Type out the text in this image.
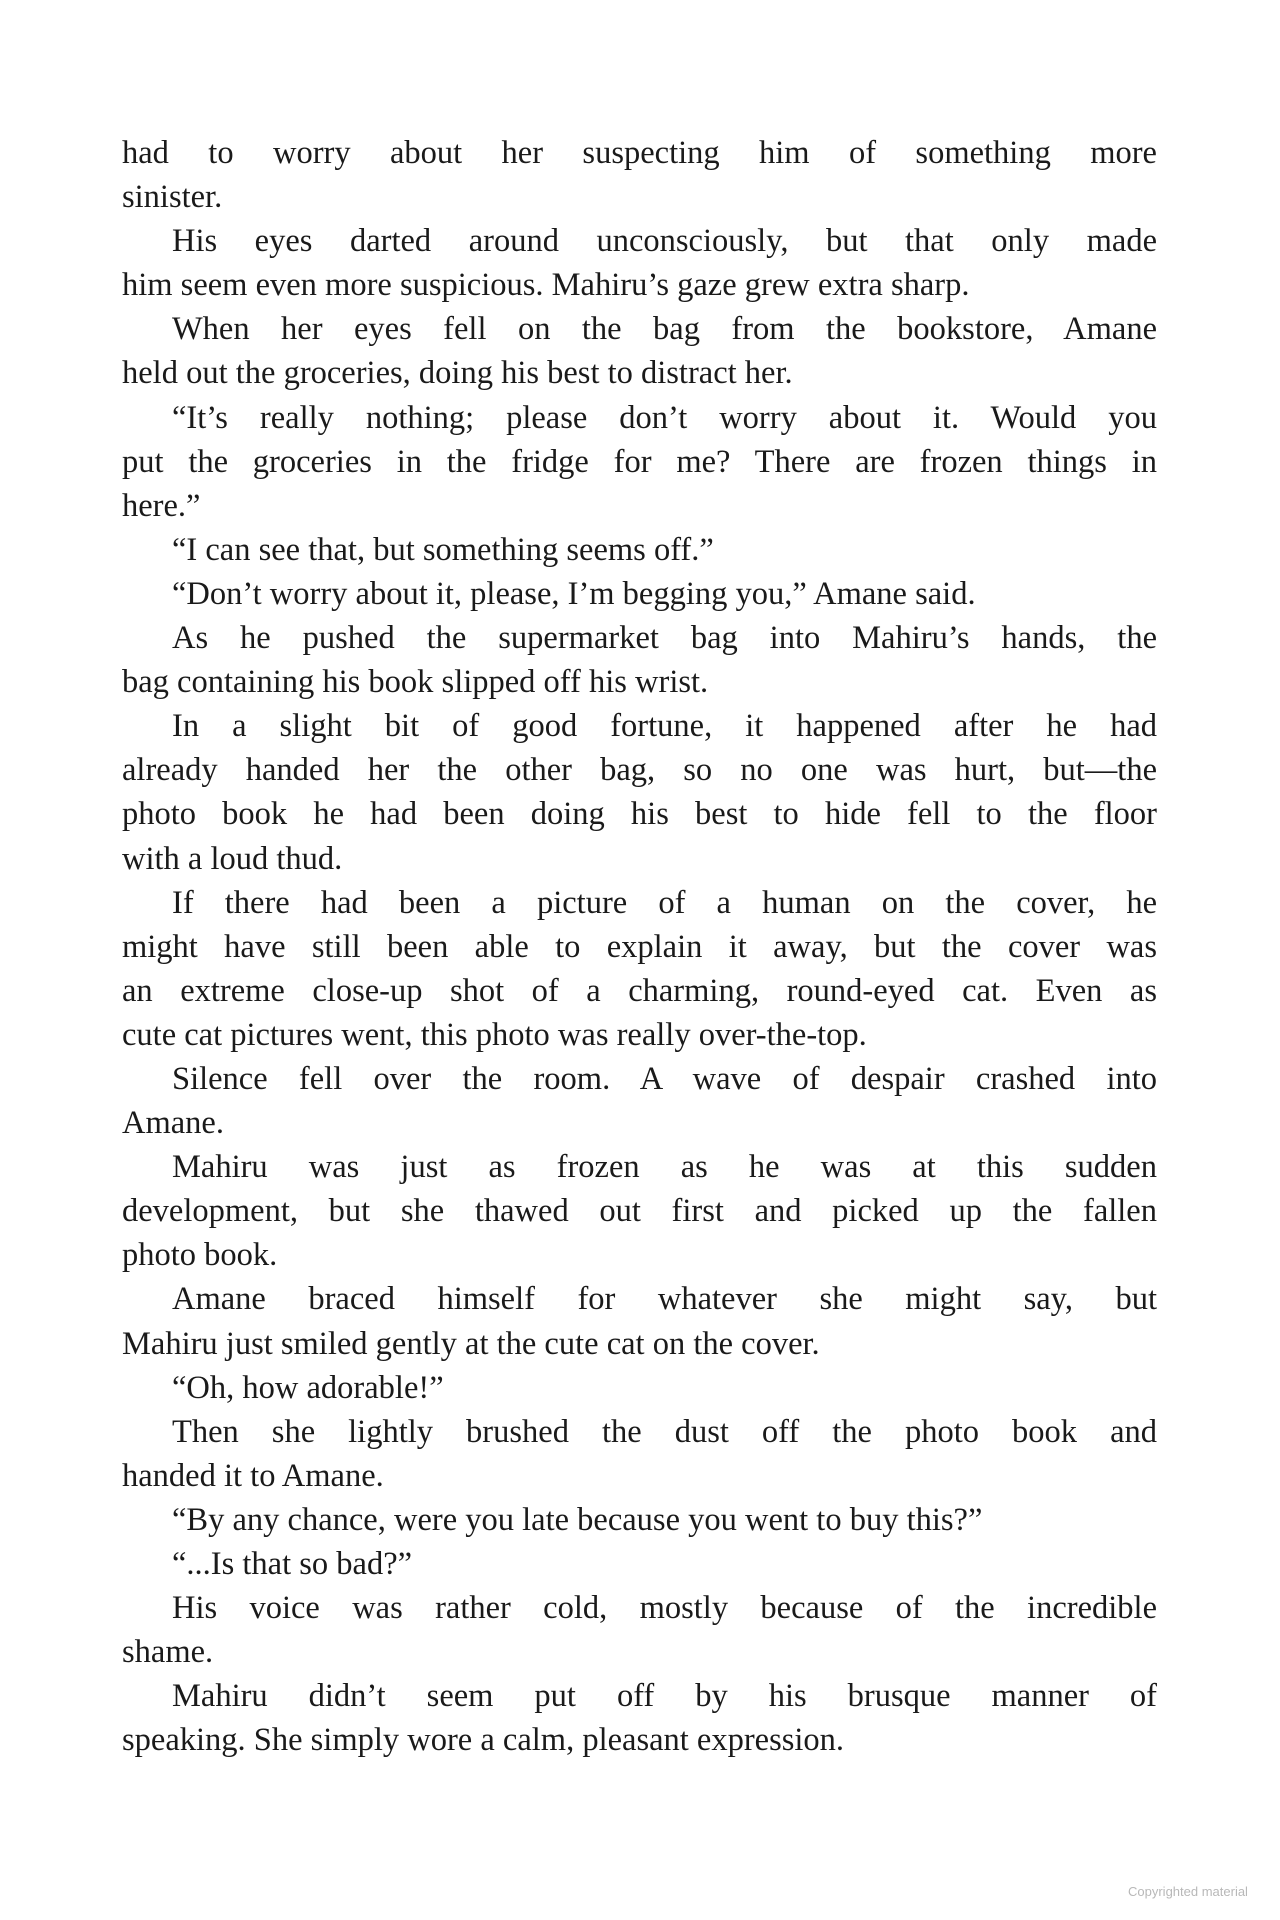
had to worry about her suspecting him of something more
sinister.
His eyes darted around unconsciously, but that only made
him seem even more suspicious. Mahiru’s gaze grew extra sharp.
When her eyes fell on the bag from the bookstore, Amane
held out the groceries, doing his best to distract her.
“It’s really nothing; please don’t worry about it. Would you
put the groceries in the fridge for me? There are frozen things in
here.”
“I can see that, but something seems off.”
“Don’t worry about it, please, I’m begging you,” Amane said.
As he pushed the supermarket bag into Mahiru’s hands, the
bag containing his book slipped off his wrist.
In a slight bit of good fortune, it happened after he had
already handed her the other bag, so no one was hurt, but—the
photo book he had been doing his best to hide fell to the floor
with a loud thud.
If there had been a picture of a human on the cover, he
might have still been able to explain it away, but the cover was
an extreme close-up shot of a charming, round-eyed cat. Even as
cute cat pictures went, this photo was really over-the-top.
Silence fell over the room. A wave of despair crashed into
Amane.
Mahiru was just as frozen as he was at this sudden
development, but she thawed out first and picked up the fallen
photo book.
Amane braced himself for whatever she might say, but
Mahiru just smiled gently at the cute cat on the cover.
“Oh, how adorable!”
Then she lightly brushed the dust off the photo book and
handed it to Amane.
“By any chance, were you late because you went to buy this?”
“...Is that so bad?”
His voice was rather cold, mostly because of the incredible
shame.
Mahiru didn’t seem put off by his brusque manner of
speaking. She simply wore a calm, pleasant expression.
Copyrighted material
